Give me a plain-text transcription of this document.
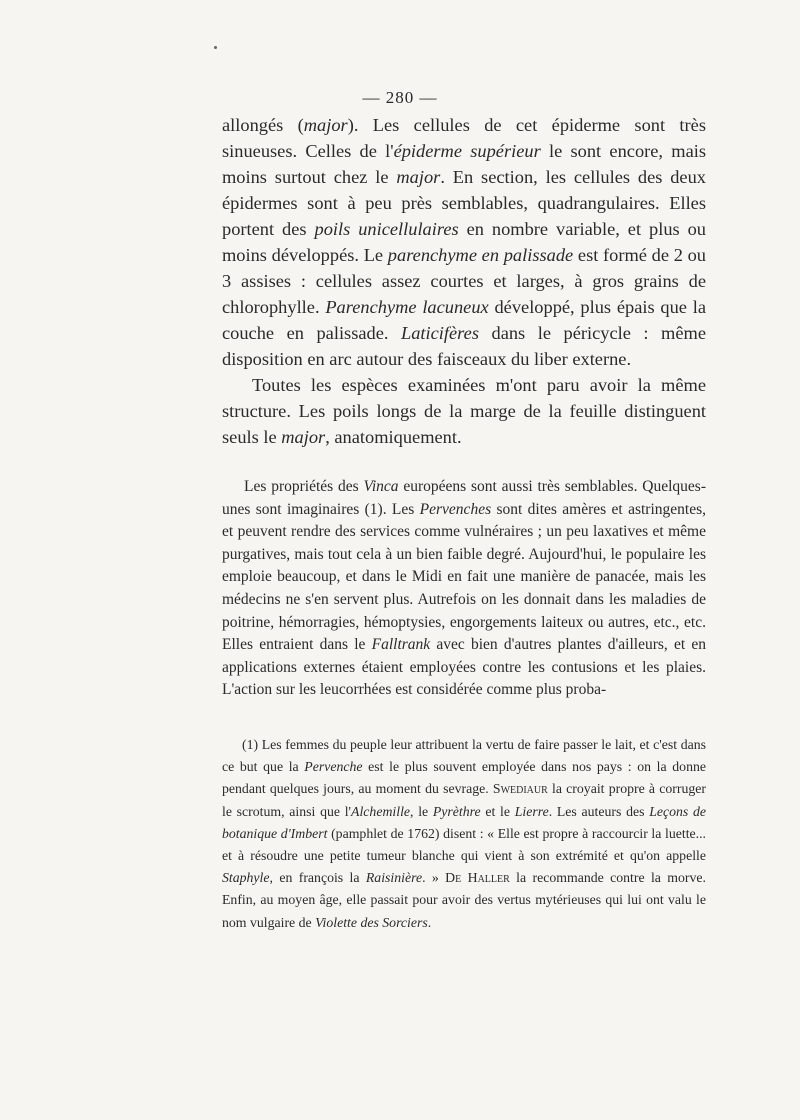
— 280 —

allongés (major). Les cellules de cet épiderme sont très sinueuses. Celles de l'épiderme supérieur le sont encore, mais moins surtout chez le major. En section, les cellules des deux épidermes sont à peu près semblables, quadrangulaires. Elles portent des poils unicellulaires en nombre variable, et plus ou moins développés. Le parenchyme en palissade est formé de 2 ou 3 assises : cellules assez courtes et larges, à gros grains de chlorophylle. Parenchyme lacuneux développé, plus épais que la couche en palissade. Laticifères dans le péricycle : même disposition en arc autour des faisceaux du liber externe.

Toutes les espèces examinées m'ont paru avoir la même structure. Les poils longs de la marge de la feuille distinguent seuls le major, anatomiquement.

Les propriétés des Vinca européens sont aussi très semblables. Quelques-unes sont imaginaires (1). Les Pervenches sont dites amères et astringentes, et peuvent rendre des services comme vulnéraires ; un peu laxatives et même purgatives, mais tout cela à un bien faible degré. Aujourd'hui, le populaire les emploie beaucoup, et dans le Midi en fait une manière de panacée, mais les médecins ne s'en servent plus. Autrefois on les donnait dans les maladies de poitrine, hémorragies, hémoptysies, engorgements laiteux ou autres, etc., etc. Elles entraient dans le Falltrank avec bien d'autres plantes d'ailleurs, et en applications externes étaient employées contre les contusions et les plaies. L'action sur les leucorrhées est considérée comme plus proba-

(1) Les femmes du peuple leur attribuent la vertu de faire passer le lait, et c'est dans ce but que la Pervenche est le plus souvent employée dans nos pays : on la donne pendant quelques jours, au moment du sevrage. Swediaur la croyait propre à corruger le scrotum, ainsi que l'Alchemille, le Pyrèthre et le Lierre. Les auteurs des Leçons de botanique d'Imbert (pamphlet de 1762) disent : « Elle est propre à raccourcir la luette... et à résoudre une petite tumeur blanche qui vient à son extrémité et qu'on appelle Staphyle, en françois la Raisinière. » De Haller la recommande contre la morve. Enfin, au moyen âge, elle passait pour avoir des vertus mytérieuses qui lui ont valu le nom vulgaire de Violette des Sorciers.
